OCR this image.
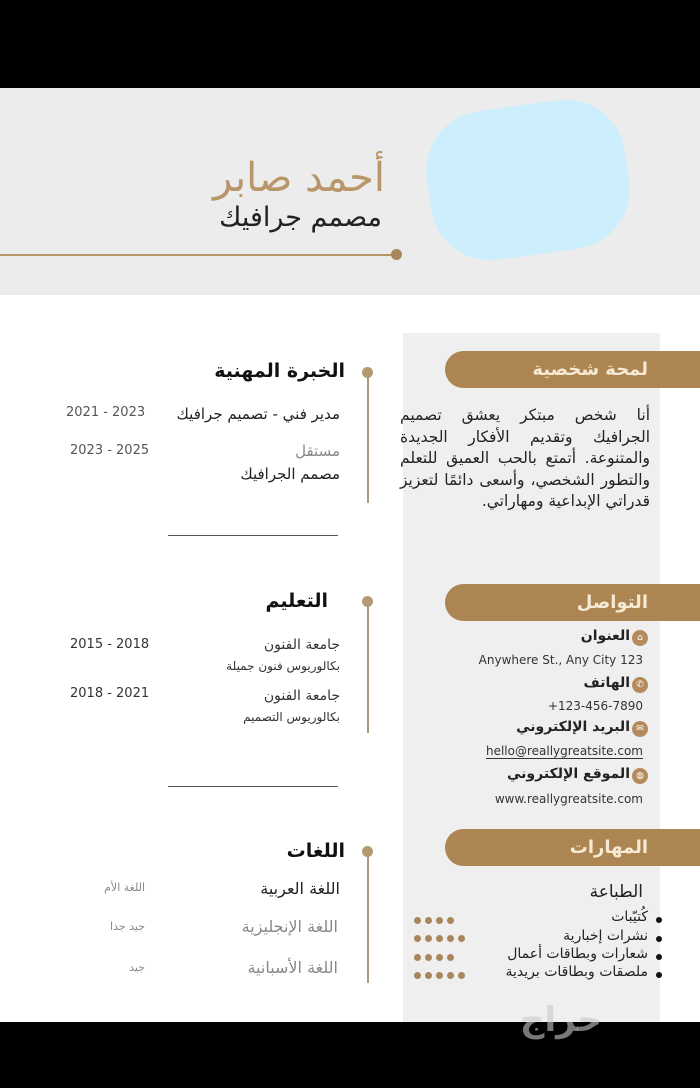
أحمد صابر
مصمم جرافيك
لمحة شخصية
أنا شخص مبتكر يعشق تصميم الجرافيك وتقديم الأفكار الجديدة والمتنوعة. أتمتع بالحب العميق للتعلم والتطور الشخصي، وأسعى دائمًا لتعزيز قدراتي الإبداعية ومهاراتي.
التواصل
⌂
العنوان
Anywhere St., Any City 123
✆
الهاتف
+123-456-7890
✉
البريد الإلكتروني
hello@reallygreatsite.com
◍
الموقع الإلكتروني
www.reallygreatsite.com
المهارات
الطباعة
كُتيّبات
نشرات إخبارية
شعارات وبطاقات أعمال
ملصقات وبطاقات بريدية
الخبرة المهنية
مدير فني - تصميم جرافيك
2021 - 2023
مستقل
مصمم الجرافيك
2023 - 2025
التعليم
جامعة الفنون
بكالوريوس فنون جميلة
2015 - 2018
جامعة الفنون
بكالوريوس التصميم
2018 - 2021
اللغات
اللغة العربية
اللغة الأم
اللغة الإنجليزية
جيد جدا
اللغة الأسبانية
جيد
حراج
